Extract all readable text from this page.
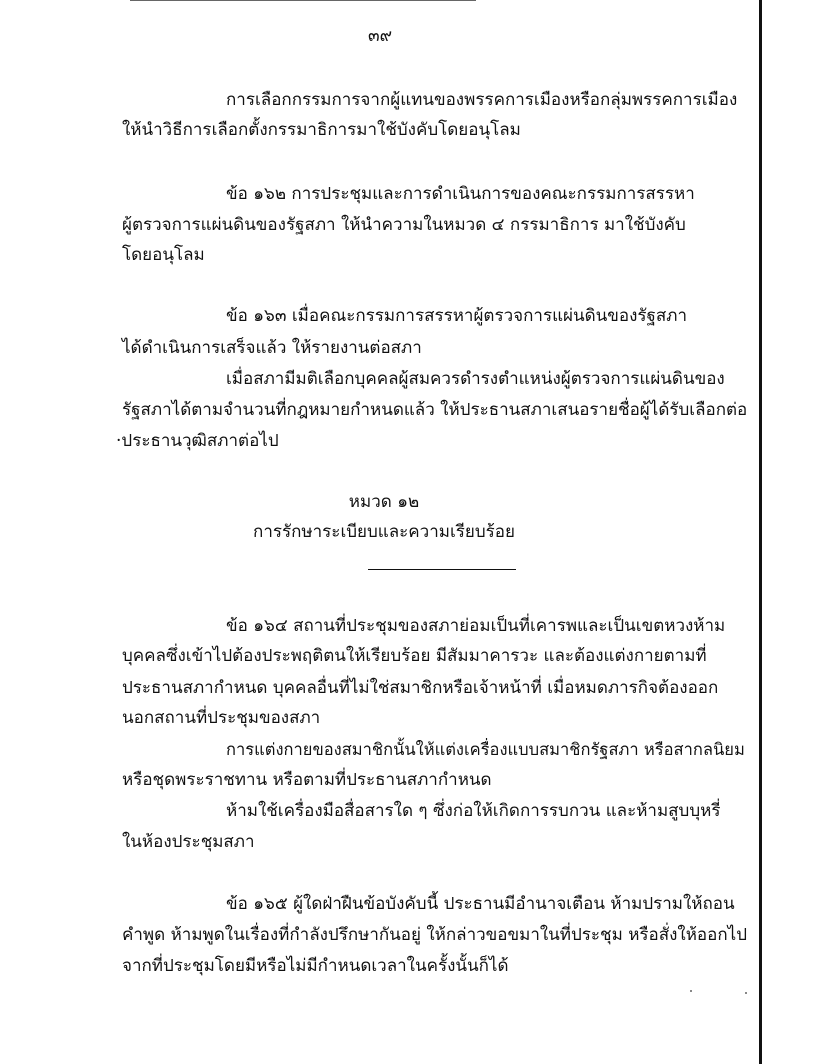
๓๙
การเลือกกรรมการจากผู้แทนของพรรคการเมืองหรือกลุ่มพรรคการเมือง
ให้นำวิธีการเลือกตั้งกรรมาธิการมาใช้บังคับโดยอนุโลม
ข้อ ๑๖๒ การประชุมและการดำเนินการของคณะกรรมการสรรหา
ผู้ตรวจการแผ่นดินของรัฐสภา ให้นำความในหมวด ๔ กรรมาธิการ มาใช้บังคับ
โดยอนุโลม
ข้อ ๑๖๓ เมื่อคณะกรรมการสรรหาผู้ตรวจการแผ่นดินของรัฐสภา
ได้ดำเนินการเสร็จแล้ว ให้รายงานต่อสภา
เมื่อสภามีมติเลือกบุคคลผู้สมควรดำรงตำแหน่งผู้ตรวจการแผ่นดินของ
รัฐสภาได้ตามจำนวนที่กฎหมายกำหนดแล้ว ให้ประธานสภาเสนอรายชื่อผู้ได้รับเลือกต่อ
·ประธานวุฒิสภาต่อไป
หมวด ๑๒
การรักษาระเบียบและความเรียบร้อย
ข้อ ๑๖๔ สถานที่ประชุมของสภาย่อมเป็นที่เคารพและเป็นเขตหวงห้าม
บุคคลซึ่งเข้าไปต้องประพฤติตนให้เรียบร้อย มีสัมมาคารวะ และต้องแต่งกายตามที่
ประธานสภากำหนด บุคคลอื่นที่ไม่ใช่สมาชิกหรือเจ้าหน้าที่ เมื่อหมดภารกิจต้องออก
นอกสถานที่ประชุมของสภา
การแต่งกายของสมาชิกนั้นให้แต่งเครื่องแบบสมาชิกรัฐสภา หรือสากลนิยม
หรือชุดพระราชทาน หรือตามที่ประธานสภากำหนด
ห้ามใช้เครื่องมือสื่อสารใด ๆ ซึ่งก่อให้เกิดการรบกวน และห้ามสูบบุหรี่
ในห้องประชุมสภา
ข้อ ๑๖๕ ผู้ใดฝ่าฝืนข้อบังคับนี้ ประธานมีอำนาจเตือน ห้ามปรามให้ถอน
คำพูด ห้ามพูดในเรื่องที่กำลังปรึกษากันอยู่ ให้กล่าวขอขมาในที่ประชุม หรือสั่งให้ออกไป
จากที่ประชุมโดยมีหรือไม่มีกำหนดเวลาในครั้งนั้นก็ได้
